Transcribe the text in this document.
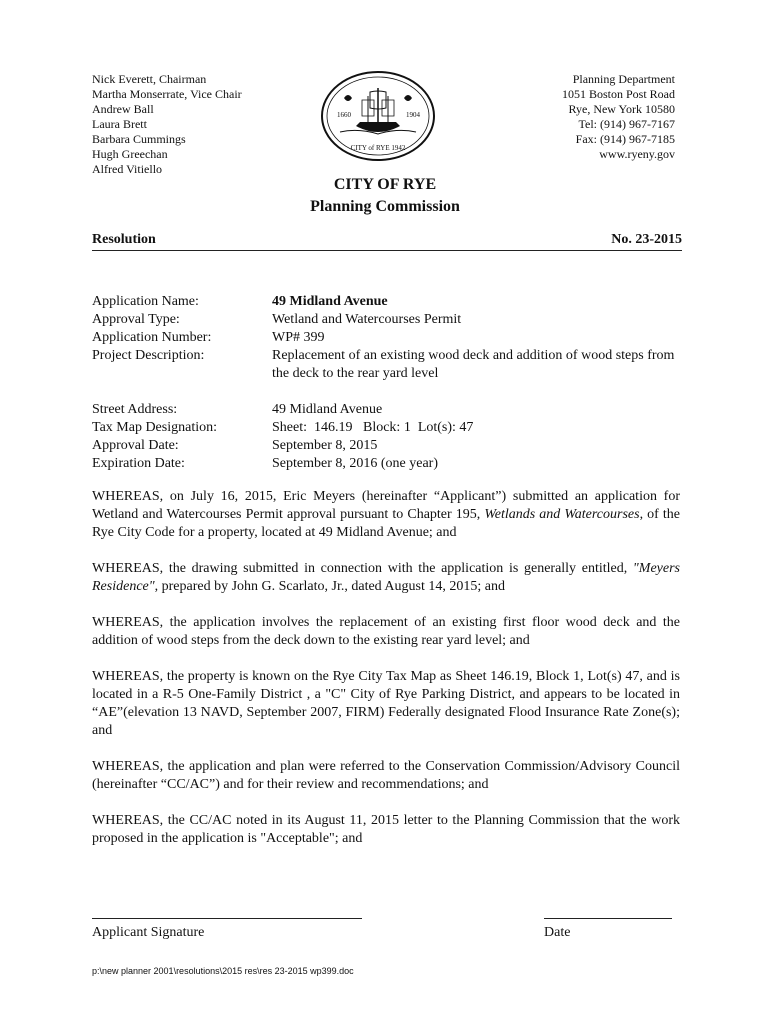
Nick Everett, Chairman
Martha Monserrate, Vice Chair
Andrew Ball
Laura Brett
Barbara Cummings
Hugh Greechan
Alfred Vitiello
1660	1904
CITY of RYE 1942
Planning Department
1051 Boston Post Road
Rye, New York 10580
Tel: (914) 967-7167
Fax: (914) 967-7185
www.ryeny.gov
CITY OF RYE
Planning Commission
Resolution	No. 23-2015
Application Name:	49 Midland Avenue
Approval Type:	Wetland and Watercourses Permit
Application Number:	WP# 399
Project Description:	Replacement of an existing wood deck and addition of wood steps from the deck to the rear yard level
Street Address:	49 Midland Avenue
Tax Map Designation:	Sheet:  146.19   Block: 1  Lot(s): 47
Approval Date:	September 8, 2015
Expiration Date:	September 8, 2016 (one year)

WHEREAS, on July 16, 2015, Eric Meyers (hereinafter “Applicant”) submitted an application for Wetland and Watercourses Permit approval pursuant to Chapter 195, Wetlands and Watercourses, of the Rye City Code for a property, located at 49 Midland Avenue; and

WHEREAS, the drawing submitted in connection with the application is generally entitled, "Meyers Residence", prepared by John G. Scarlato, Jr., dated August 14, 2015; and

WHEREAS, the application involves the replacement of an existing first floor wood deck and the addition of wood steps from the deck down to the existing rear yard level; and

WHEREAS, the property is known on the Rye City Tax Map as Sheet 146.19, Block 1, Lot(s) 47, and is located in a R-5 One-Family District , a "C" City of Rye Parking District, and appears to be located in “AE”(elevation 13 NAVD, September 2007, FIRM) Federally designated Flood Insurance Rate Zone(s); and

WHEREAS, the application and plan were referred to the Conservation Commission/Advisory Council (hereinafter “CC/AC”) and for their review and recommendations; and

WHEREAS, the CC/AC noted in its August 11, 2015 letter to the Planning Commission that the work proposed in the application is "Acceptable"; and

Applicant Signature	Date
p:\new planner 2001\resolutions\2015 res\res 23-2015 wp399.doc
